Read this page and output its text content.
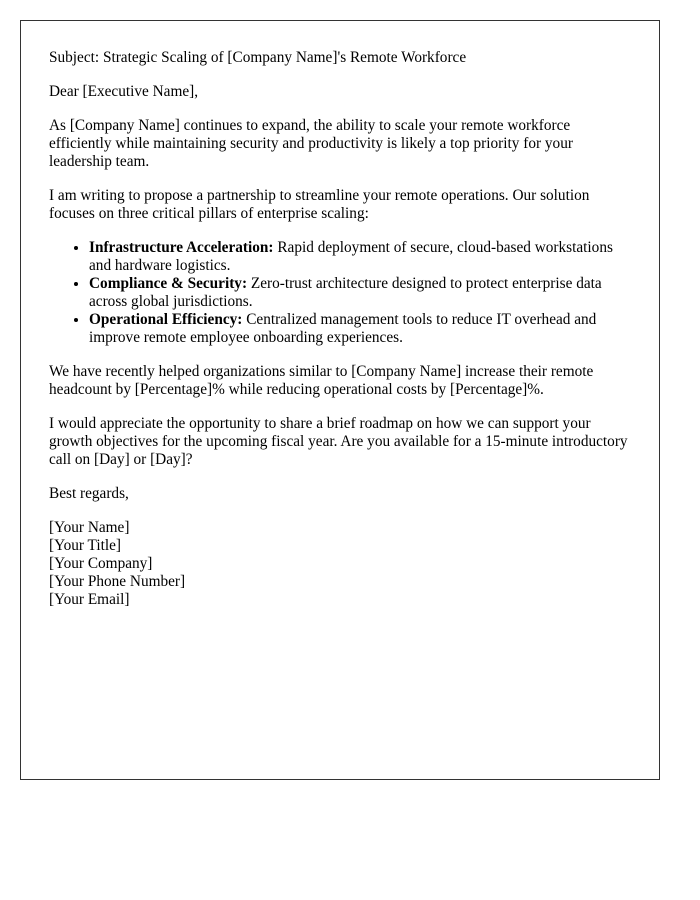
Subject: Strategic Scaling of [Company Name]'s Remote Workforce

Dear [Executive Name],

As [Company Name] continues to expand, the ability to scale your remote workforce efficiently while maintaining security and productivity is likely a top priority for your leadership team.

I am writing to propose a partnership to streamline your remote operations. Our solution focuses on three critical pillars of enterprise scaling:

• Infrastructure Acceleration: Rapid deployment of secure, cloud-based workstations and hardware logistics.
• Compliance & Security: Zero-trust architecture designed to protect enterprise data across global jurisdictions.
• Operational Efficiency: Centralized management tools to reduce IT overhead and improve remote employee onboarding experiences.

We have recently helped organizations similar to [Company Name] increase their remote headcount by [Percentage]% while reducing operational costs by [Percentage]%.

I would appreciate the opportunity to share a brief roadmap on how we can support your growth objectives for the upcoming fiscal year. Are you available for a 15-minute introductory call on [Day] or [Day]?

Best regards,

[Your Name]
[Your Title]
[Your Company]
[Your Phone Number]
[Your Email]
